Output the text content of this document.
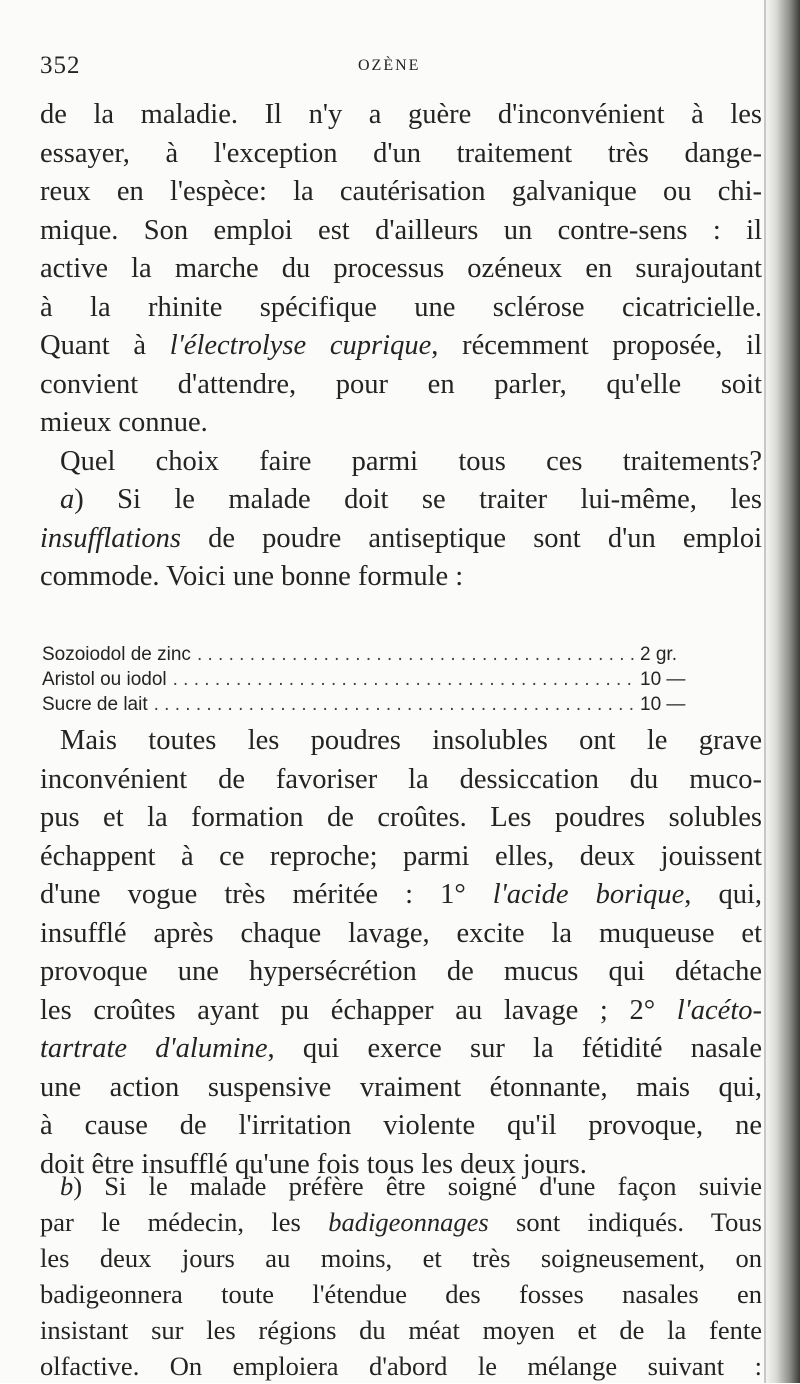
352	OZÈNE
de la maladie. Il n'y a guère d'inconvénient à les
essayer, à l'exception d'un traitement très dange-
reux en l'espèce: la cautérisation galvanique ou chi-
mique. Son emploi est d'ailleurs un contre-sens : il
active la marche du processus ozéneux en surajoutant
à la rhinite spécifique une sclérose cicatricielle.
Quant à l'électrolyse cuprique, récemment proposée, il
convient d'attendre, pour en parler, qu'elle soit
mieux connue.
Quel choix faire parmi tous ces traitements?
a) Si le malade doit se traiter lui-même, les
insufflations de poudre antiseptique sont d'un emploi
commode. Voici une bonne formule :
Sozoiodol de zinc . . .	2 gr.
Aristol ou iodol . . .	10 —
Sucre de lait . . .	10 —
Mais toutes les poudres insolubles ont le grave
inconvénient de favoriser la dessiccation du muco-
pus et la formation de croûtes. Les poudres solubles
échappent à ce reproche; parmi elles, deux jouissent
d'une vogue très méritée : 1° l'acide borique, qui,
insufflé après chaque lavage, excite la muqueuse et
provoque une hypersécrétion de mucus qui détache
les croûtes ayant pu échapper au lavage ; 2° l'acéto-
tartrate d'alumine, qui exerce sur la fétidité nasale
une action suspensive vraiment étonnante, mais qui,
à cause de l'irritation violente qu'il provoque, ne
doit être insufflé qu'une fois tous les deux jours.
b) Si le malade préfère être soigné d'une façon suivie
par le médecin, les badigeonnages sont indiqués. Tous
les deux jours au moins, et très soigneusement, on
badigeonnera toute l'étendue des fosses nasales en
insistant sur les régions du méat moyen et de la fente
olfactive. On emploiera d'abord le mélange suivant :
